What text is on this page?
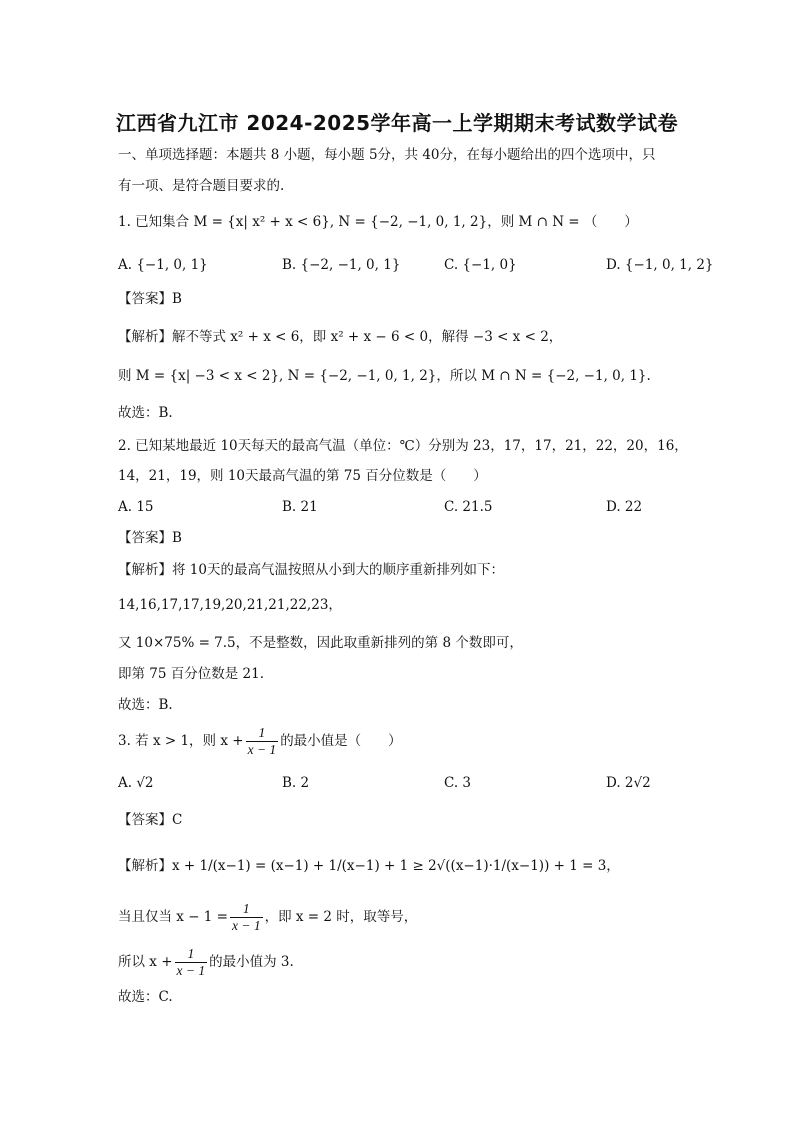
江西省九江市 2024-2025学年高一上学期期末考试数学试卷
一、单项选择题：本题共 8 小题，每小题 5分，共 40分，在每小题给出的四个选项中，只
有一项、是符合题目要求的.
1. 已知集合 M = {x| x² + x < 6}, N = {−2, −1, 0, 1, 2}，则 M ∩ N = （　　）
A. {−1, 0, 1}	B. {−2, −1, 0, 1}	C. {−1, 0}	D. {−1, 0, 1, 2}
【答案】B
【解析】解不等式 x² + x < 6，即 x² + x − 6 < 0，解得 −3 < x < 2，
则 M = {x| −3 < x < 2}, N = {−2, −1, 0, 1, 2}，所以 M ∩ N = {−2, −1, 0, 1}.
故选：B.
2. 已知某地最近 10天每天的最高气温（单位：℃）分别为 23，17，17，21，22，20，16，
14，21，19，则 10天最高气温的第 75 百分位数是（　　）
A. 15	B. 21	C. 21.5	D. 22
【答案】B
【解析】将 10天的最高气温按照从小到大的顺序重新排列如下：
14,16,17,17,19,20,21,21,22,23，
又 10×75% = 7.5，不是整数，因此取重新排列的第 8 个数即可，
即第 75 百分位数是 21.
故选：B.
3. 若 x > 1，则 $x + \frac{1}{x - 1}$ 的最小值是（　　）
A. √2	B. 2	C. 3	D. 2√2
【答案】C
【解析】x + 1/(x−1) = (x−1) + 1/(x−1) + 1 ≥ 2√((x−1)·1/(x−1)) + 1 = 3，
当且仅当 $x - 1 = \frac{1}{x - 1}$ ，即 x = 2 时，取等号，
所以 $x + \frac{1}{x - 1}$ 的最小值为 3.
故选：C.
